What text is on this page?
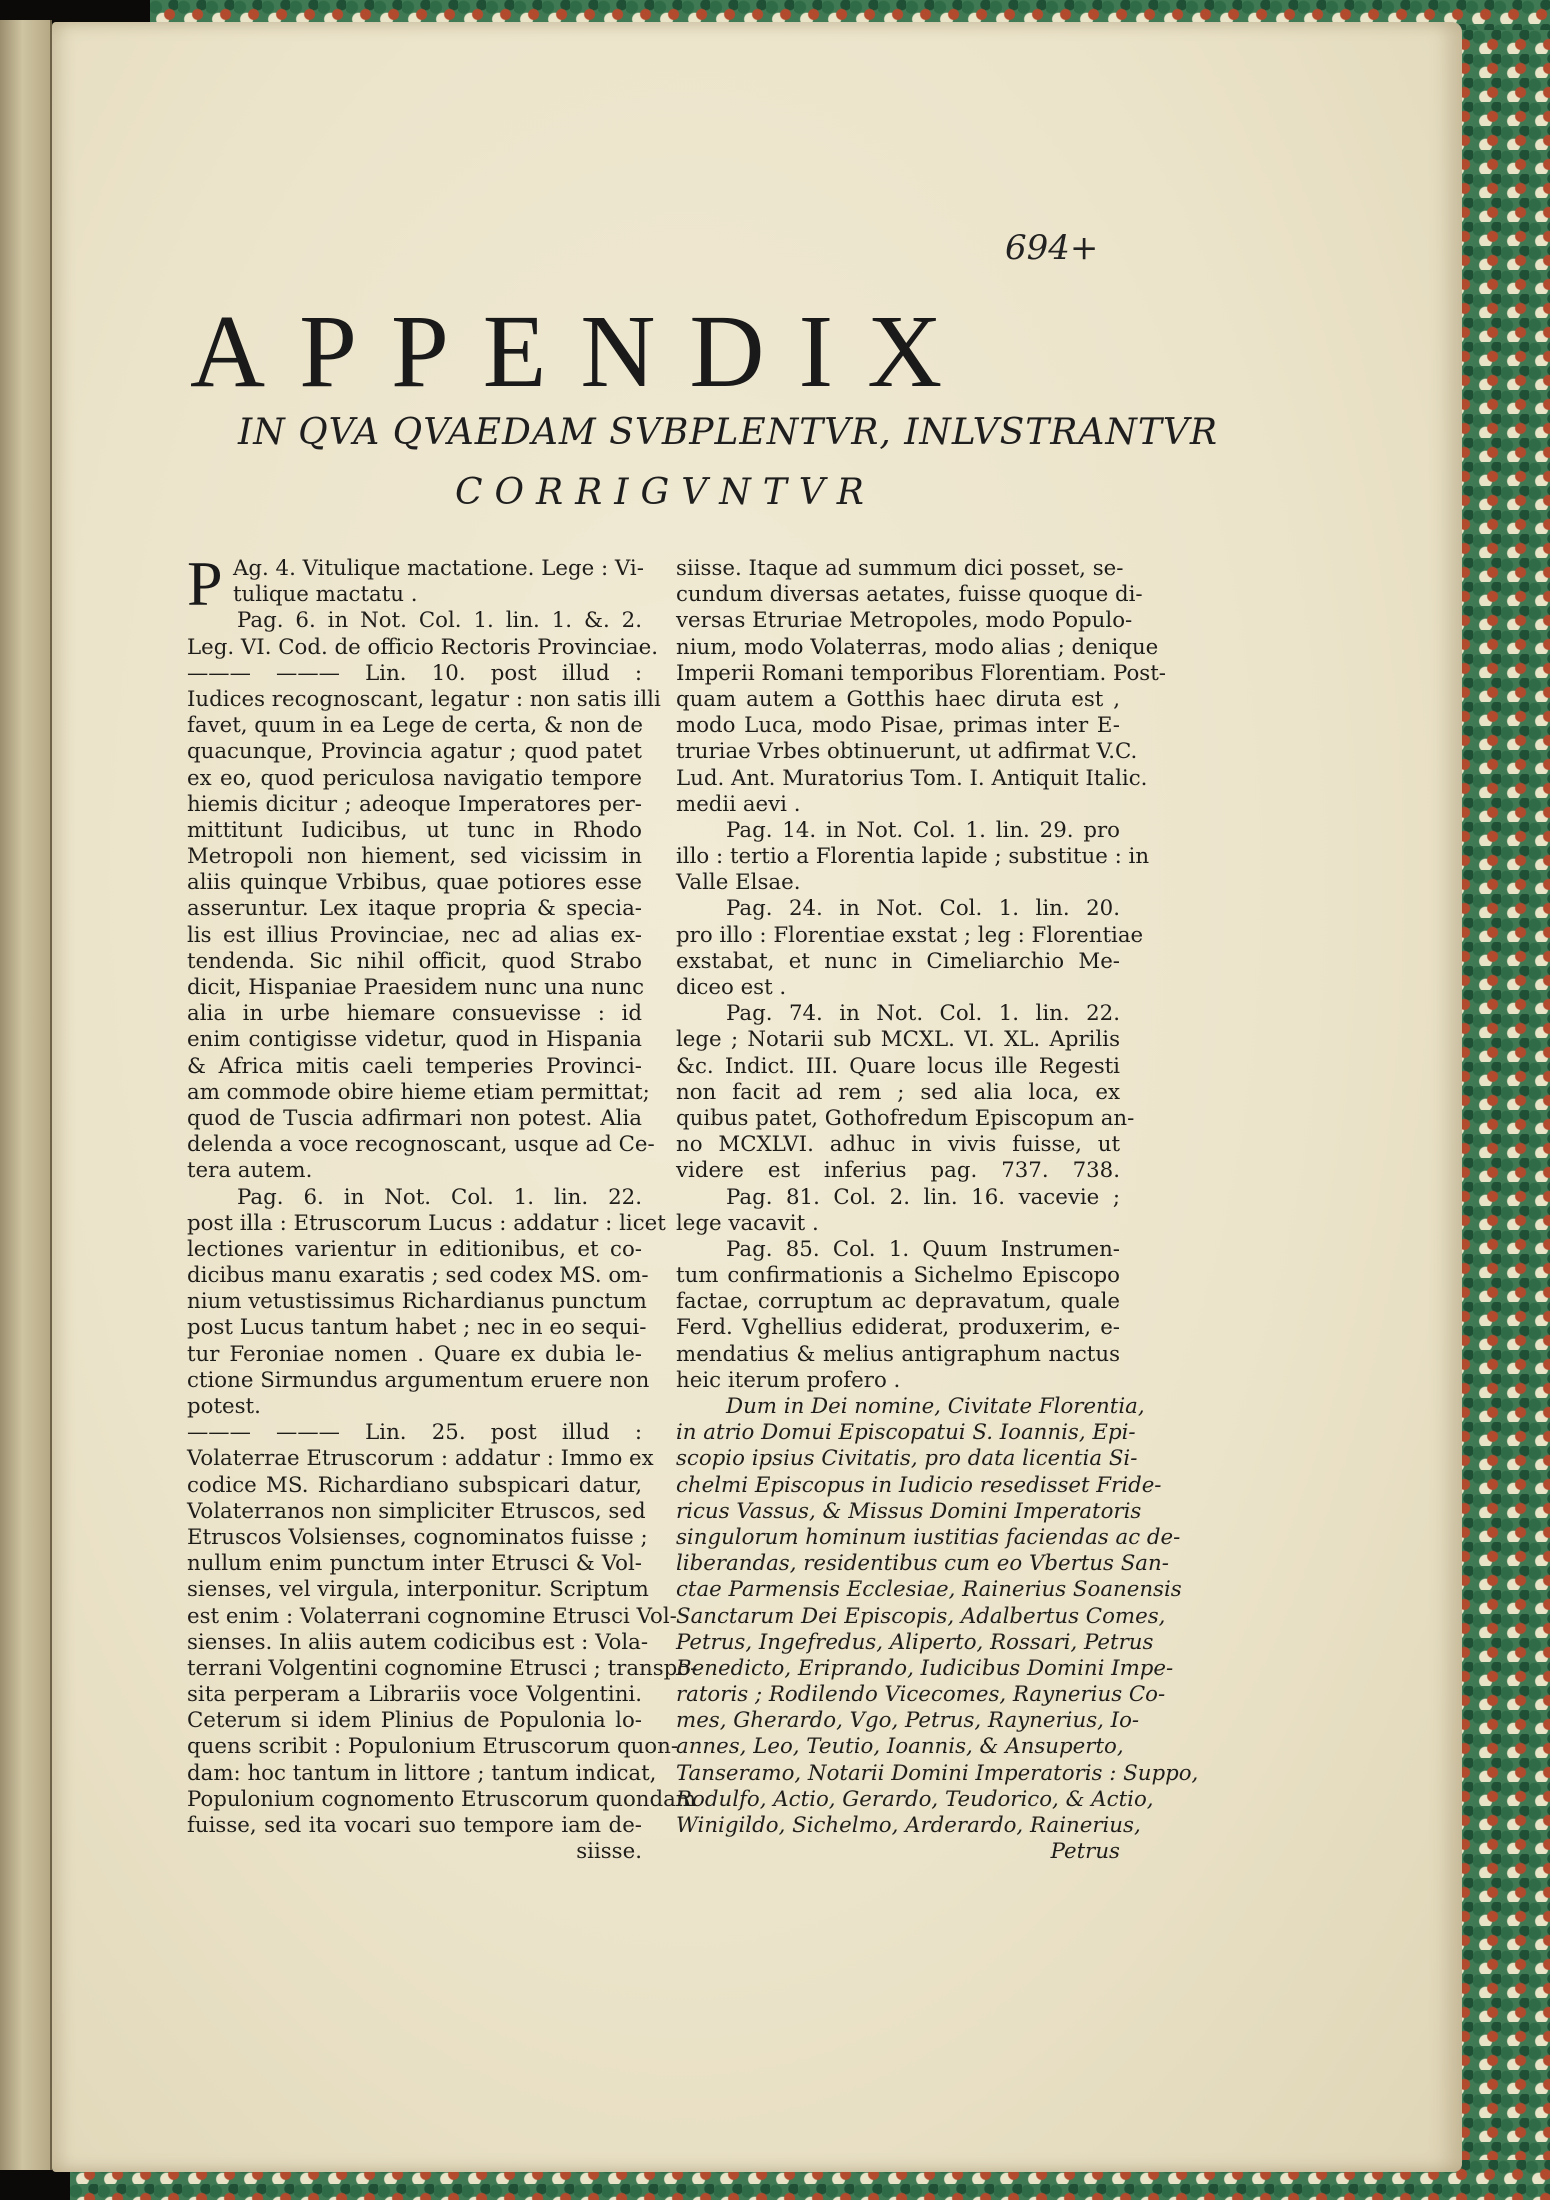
694+
APPENDIX
IN QVA QVAEDAM SVBPLENTVR, INLVSTRANTVR
CORRIGVNTVR
P Ag. 4. Vitulique mactatione. Lege : Vi-
tulique mactatu .
Pag. 6. in Not. Col. 1. lin. 1. &. 2.
Leg. VI. Cod. de officio Rectoris Provinciae.
——— ——— Lin. 10. post illud :
Iudices recognoscant, legatur : non satis illi
favet, quum in ea Lege de certa, & non de
quacunque, Provincia agatur ; quod patet
ex eo, quod periculosa navigatio tempore
hiemis dicitur ; adeoque Imperatores per-
mittitunt Iudicibus, ut tunc in Rhodo
Metropoli non hiement, sed vicissim in
aliis quinque Vrbibus, quae potiores esse
asseruntur. Lex itaque propria & specia-
lis est illius Provinciae, nec ad alias ex-
tendenda. Sic nihil officit, quod Strabo
dicit, Hispaniae Praesidem nunc una nunc
alia in urbe hiemare consuevisse : id
enim contigisse videtur, quod in Hispania
& Africa mitis caeli temperies Provinci-
am commode obire hieme etiam permittat;
quod de Tuscia adfirmari non potest. Alia
delenda a voce recognoscant, usque ad Ce-
tera autem.
Pag. 6. in Not. Col. 1. lin. 22.
post illa : Etruscorum Lucus : addatur : licet
lectiones varientur in editionibus, et co-
dicibus manu exaratis ; sed codex MS. om-
nium vetustissimus Richardianus punctum
post Lucus tantum habet ; nec in eo sequi-
tur Feroniae nomen . Quare ex dubia le-
ctione Sirmundus argumentum eruere non
potest.
——— ——— Lin. 25. post illud :
Volaterrae Etruscorum : addatur : Immo ex
codice MS. Richardiano subspicari datur,
Volaterranos non simpliciter Etruscos, sed
Etruscos Volsienses, cognominatos fuisse ;
nullum enim punctum inter Etrusci & Vol-
sienses, vel virgula, interponitur. Scriptum
est enim : Volaterrani cognomine Etrusci Vol-
sienses. In aliis autem codicibus est : Vola-
terrani Volgentini cognomine Etrusci ; transpo-
sita perperam a Librariis voce Volgentini.
Ceterum si idem Plinius de Populonia lo-
quens scribit : Populonium Etruscorum quon-
dam: hoc tantum in littore ; tantum indicat,
Populonium cognomento Etruscorum quondam
fuisse, sed ita vocari suo tempore iam de-
siisse.
siisse. Itaque ad summum dici posset, se-
cundum diversas aetates, fuisse quoque di-
versas Etruriae Metropoles, modo Populo-
nium, modo Volaterras, modo alias ; denique
Imperii Romani temporibus Florentiam. Post-
quam autem a Gotthis haec diruta est ,
modo Luca, modo Pisae, primas inter E-
truriae Vrbes obtinuerunt, ut adfirmat V.C.
Lud. Ant. Muratorius Tom. I. Antiquit Italic.
medii aevi .
Pag. 14. in Not. Col. 1. lin. 29. pro
illo : tertio a Florentia lapide ; substitue : in
Valle Elsae.
Pag. 24. in Not. Col. 1. lin. 20.
pro illo : Florentiae exstat ; leg : Florentiae
exstabat, et nunc in Cimeliarchio Me-
diceo est .
Pag. 74. in Not. Col. 1. lin. 22.
lege ; Notarii sub MCXL. VI. XL. Aprilis
&c. Indict. III. Quare locus ille Regesti
non facit ad rem ; sed alia loca, ex
quibus patet, Gothofredum Episcopum an-
no MCXLVI. adhuc in vivis fuisse, ut
videre est inferius pag. 737. 738.
Pag. 81. Col. 2. lin. 16. vacevie ;
lege vacavit .
Pag. 85. Col. 1. Quum Instrumen-
tum confirmationis a Sichelmo Episcopo
factae, corruptum ac depravatum, quale
Ferd. Vghellius ediderat, produxerim, e-
mendatius & melius antigraphum nactus
heic iterum profero .
Dum in Dei nomine, Civitate Florentia,
in atrio Domui Episcopatui S. Ioannis, Epi-
scopio ipsius Civitatis, pro data licentia Si-
chelmi Episcopus in Iudicio resedisset Fride-
ricus Vassus, & Missus Domini Imperatoris
singulorum hominum iustitias faciendas ac de-
liberandas, residentibus cum eo Vbertus San-
ctae Parmensis Ecclesiae, Rainerius Soanensis
Sanctarum Dei Episcopis, Adalbertus Comes,
Petrus, Ingefredus, Aliperto, Rossari, Petrus
Benedicto, Eriprando, Iudicibus Domini Impe-
ratoris ; Rodilendo Vicecomes, Raynerius Co-
mes, Gherardo, Vgo, Petrus, Raynerius, Io-
annes, Leo, Teutio, Ioannis, & Ansuperto,
Tanseramo, Notarii Domini Imperatoris : Suppo,
Rodulfo, Actio, Gerardo, Teudorico, & Actio,
Winigildo, Sichelmo, Arderardo, Rainerius,
Petrus
